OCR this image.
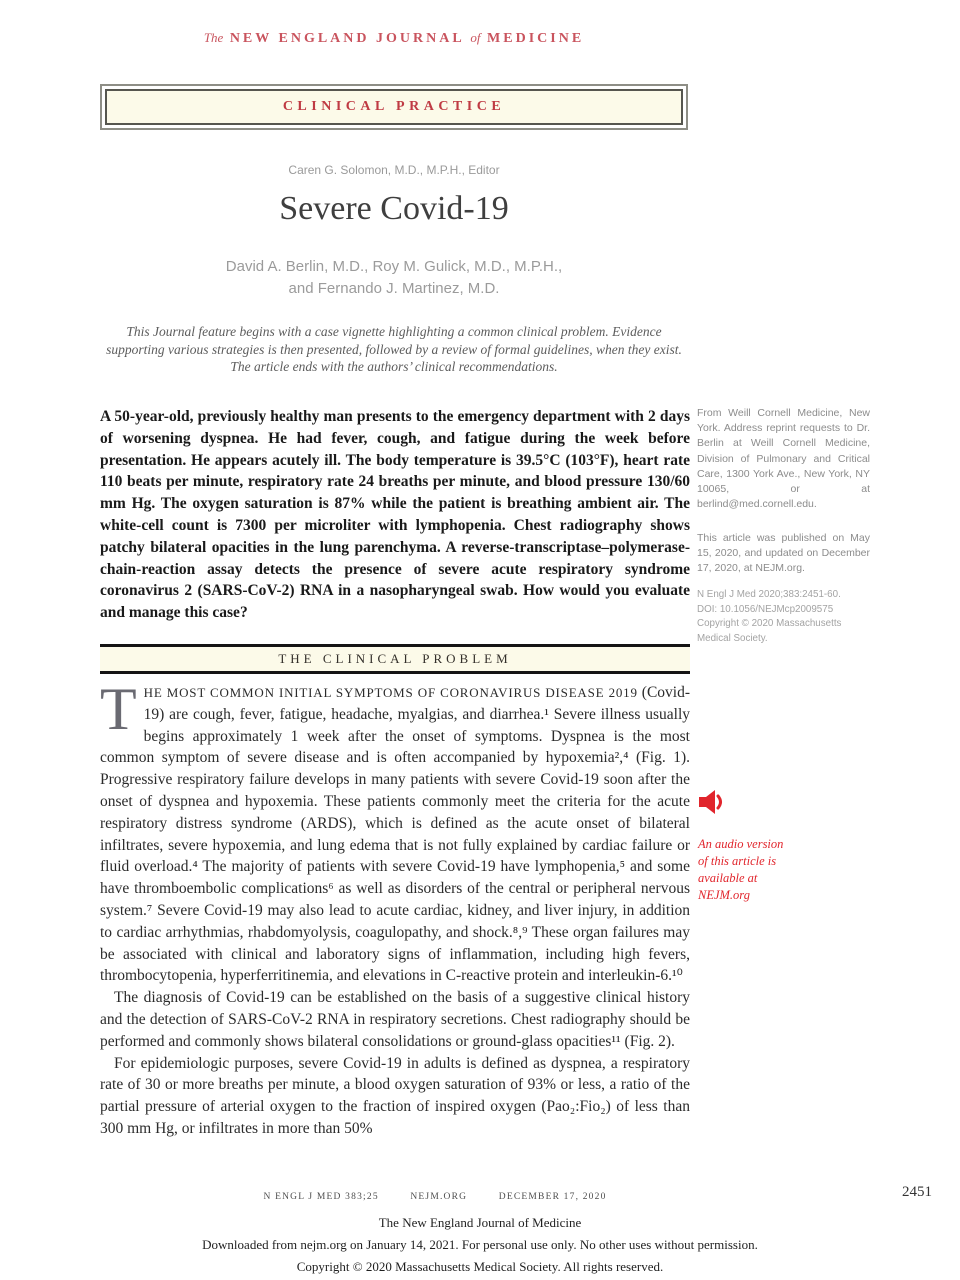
The NEW ENGLAND JOURNAL of MEDICINE
CLINICAL PRACTICE
Caren G. Solomon, M.D., M.P.H., Editor
Severe Covid-19
David A. Berlin, M.D., Roy M. Gulick, M.D., M.P.H.,
and Fernando J. Martinez, M.D.
This Journal feature begins with a case vignette highlighting a common clinical problem. Evidence
supporting various strategies is then presented, followed by a review of formal guidelines, when they exist.
The article ends with the authors’ clinical recommendations.
A 50-year-old, previously healthy man presents to the emergency department with 2 days of worsening dyspnea. He had fever, cough, and fatigue during the week before presentation. He appears acutely ill. The body temperature is 39.5°C (103°F), heart rate 110 beats per minute, respiratory rate 24 breaths per minute, and blood pressure 130/60 mm Hg. The oxygen saturation is 87% while the patient is breathing ambient air. The white-cell count is 7300 per microliter with lymphopenia. Chest radiography shows patchy bilateral opacities in the lung parenchyma. A reverse-transcriptase–polymerase-chain-reaction assay detects the presence of severe acute respiratory syndrome coronavirus 2 (SARS-CoV-2) RNA in a nasopharyngeal swab. How would you evaluate and manage this case?
From Weill Cornell Medicine, New York. Address reprint requests to Dr. Berlin at Weill Cornell Medicine, Division of Pulmonary and Critical Care, 1300 York Ave., New York, NY 10065, or at berlind@med.cornell.edu.
This article was published on May 15, 2020, and updated on December 17, 2020, at NEJM.org.
N Engl J Med 2020;383:2451-60.
DOI: 10.1056/NEJMcp2009575
Copyright © 2020 Massachusetts Medical Society.
An audio version
of this article is
available at
NEJM.org
THE CLINICAL PROBLEM

THE MOST COMMON INITIAL SYMPTOMS OF CORONAVIRUS DISEASE 2019 (Covid-19) are cough, fever, fatigue, headache, myalgias, and diarrhea.¹ Severe illness usually begins approximately 1 week after the onset of symptoms. Dyspnea is the most common symptom of severe disease and is often accompanied by hypoxemia²,⁴ (Fig. 1). Progressive respiratory failure develops in many patients with severe Covid-19 soon after the onset of dyspnea and hypoxemia. These patients commonly meet the criteria for the acute respiratory distress syndrome (ARDS), which is defined as the acute onset of bilateral infiltrates, severe hypoxemia, and lung edema that is not fully explained by cardiac failure or fluid overload.⁴ The majority of patients with severe Covid-19 have lymphopenia,⁵ and some have thromboembolic complications⁶ as well as disorders of the central or peripheral nervous system.⁷ Severe Covid-19 may also lead to acute cardiac, kidney, and liver injury, in addition to cardiac arrhythmias, rhabdomyolysis, coagulopathy, and shock.⁸,⁹ These organ failures may be associated with clinical and laboratory signs of inflammation, including high fevers, thrombocytopenia, hyperferritinemia, and elevations in C-reactive protein and interleukin-6.¹⁰

The diagnosis of Covid-19 can be established on the basis of a suggestive clinical history and the detection of SARS-CoV-2 RNA in respiratory secretions. Chest radiography should be performed and commonly shows bilateral consolidations or ground-glass opacities¹¹ (Fig. 2).

For epidemiologic purposes, severe Covid-19 in adults is defined as dyspnea, a respiratory rate of 30 or more breaths per minute, a blood oxygen saturation of 93% or less, a ratio of the partial pressure of arterial oxygen to the fraction of inspired oxygen (Pao₂:Fio₂) of less than 300 mm Hg, or infiltrates in more than 50%

N ENGL J MED 383;25	NEJM.ORG	DECEMBER 17, 2020	2451
The New England Journal of Medicine
Downloaded from nejm.org on January 14, 2021. For personal use only. No other uses without permission.
Copyright © 2020 Massachusetts Medical Society. All rights reserved.
